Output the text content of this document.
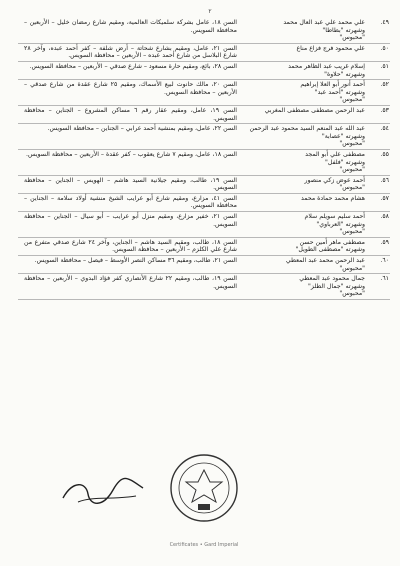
٢
٤٩.
علي محمد علي عبد العال محمد
وشهرته "بطاطا"
"محبوس"
السن ١٨، عامل بشركة سلميكات العالمية، ومقيم شارع رمضان خليل – الأربعين – محافظة السويس.
٥٠.
علي محمود فرج فزاع مناع
السن ٢١، عامل، ومقيم بشارع شحاتة – أرض شلفة – كفر أحمد عبده، وآخر ٢٨ شارع البلاسل من شارع أحمد عبده – الأربعين – محافظة السويس.
٥١.
إسلام غريب عبد الظاهر محمد
وشهرته "حلاوة"
السن ٢٨، بائع، ومقيم حارة مسعود – شارع صدقي – الأربعين – محافظة السويس.
٥٢.
أحمد أنور أبو العلا إبراهيم
وشهرته "أحمد عبد"
"محبوس"
السن ٢٠، مالك حانوت لبيع الأسماك، ومقيم ٢٥ شارع عقدة من شارع صدقي – الأربعين – محافظة السويس.
٥٣.
عبد الرحمن مصطفى مصطفى المغربي
السن ١٩، عامل، ومقيم عقار رقم ٦ مساكن المشروع – الجناين – محافظة السويس.
٥٤.
عبد الله عبد المنعم السيد محمود عبد الرحمن
وشهرته "عصابة"
"محبوس"
السن ٢٢، عامل، ومقيم بمنشية أحمد عرابي – الجناين – محافظة السويس.
٥٥.
مصطفى علي أبو المجد
وشهرته "فلفل"
"محبوس"
السن ١٨، عامل، ومقيم ٧ شارع يعقوب – كفر عقدة – الأربعين – محافظة السويس.
٥٦.
أحمد عوض زكي منصور
"محبوس"
السن ١٩، طالب، ومقيم جيلانية السيد هاشم – الهويس – الجناين – محافظة السويس.
٥٧.
هشام محمد حمادة محمد
السن ٤١، مزارع، ومقيم شارع أبو عرايب الشيخ منشية أولاد سلامة – الجناين – محافظة السويس.
٥٨.
أحمد سليم سويلم سلام
وشهرته "العرباوي"
"محبوس"
السن ٢١، خفير مزارع، ومقيم منزل أبو عرايب – أبو سيال – الجناين – محافظة السويس.
٥٩.
مصطفى ماهر أمين حسن
وشهرته "مصطفى الطويل"
السن ١٨، طالب، ومقيم السيد هاشم – الجناين، وآخر ٢٤ شارع صدقي متفرع من شارع علي الكلزم – الأربعين – محافظة السويس.
٦٠.
عبد الرحمن محمد عبد المعطي
"محبوس"
السن ٢١، طالب، ومقيم ٣٦ مساكن النصر الأوسط – فيصل – محافظة السويس.
٦١.
جمال محمود عبد المعطي
وشهرته "جمال الطلز"
"محبوس"
السن ١٩، طالب، ومقيم ٢٢ شارع الأنصاري كفر فؤاد البدوي – الأربعين – محافظة السويس.
Certificates • Gard Imperial
